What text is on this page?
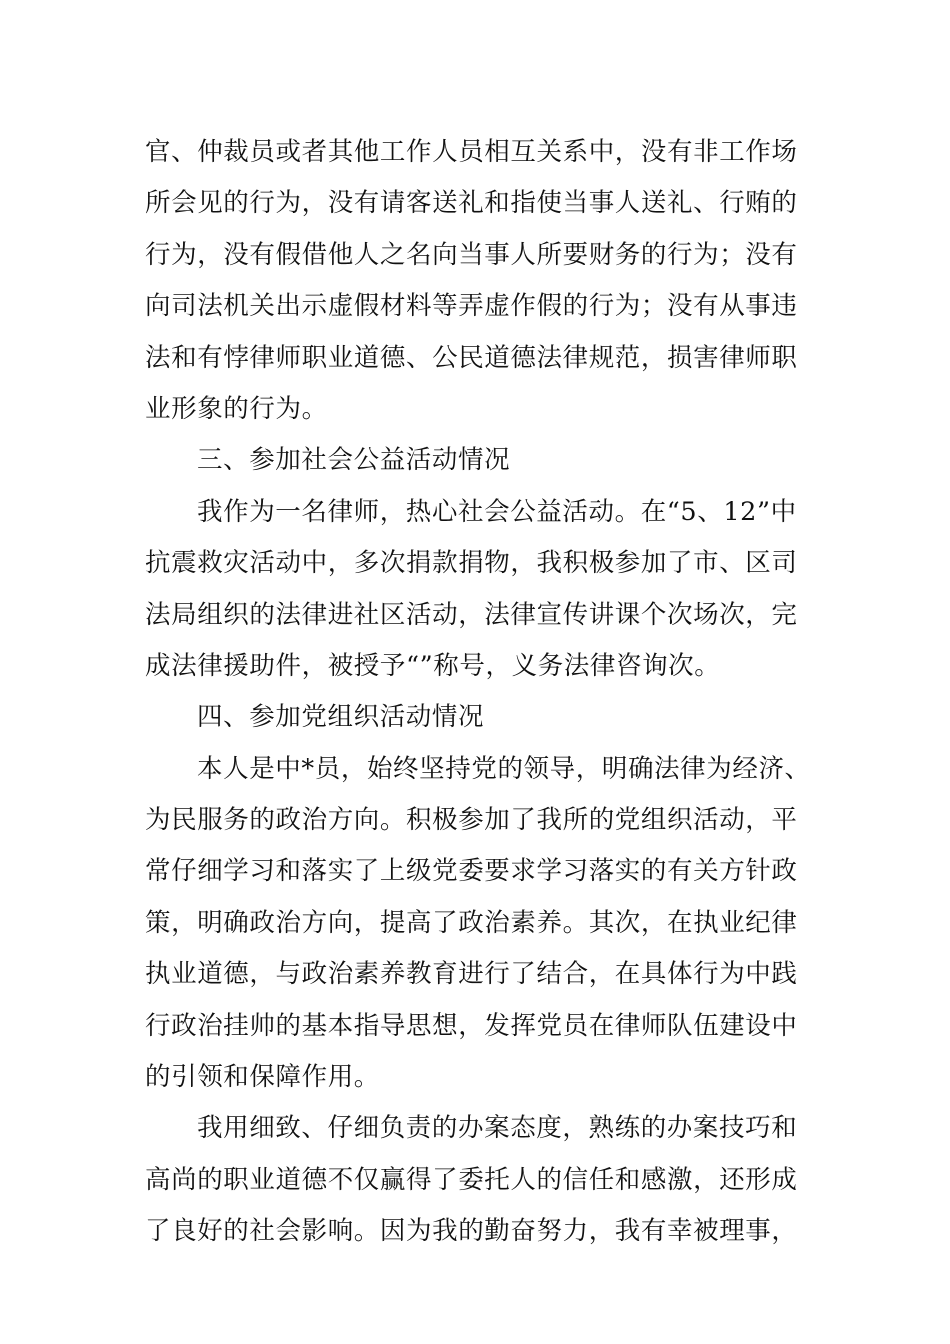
官、仲裁员或者其他工作人员相互关系中，没有非工作场
所会见的行为，没有请客送礼和指使当事人送礼、行贿的
行为，没有假借他人之名向当事人所要财务的行为；没有
向司法机关出示虚假材料等弄虚作假的行为；没有从事违
法和有悖律师职业道德、公民道德法律规范，损害律师职
业形象的行为。
三、参加社会公益活动情况
我作为一名律师，热心社会公益活动。在“5、12”中
抗震救灾活动中，多次捐款捐物，我积极参加了市、区司
法局组织的法律进社区活动，法律宣传讲课个次场次，完
成法律援助件，被授予“”称号，义务法律咨询次。
四、参加党组织活动情况
本人是中*员，始终坚持党的领导，明确法律为经济、
为民服务的政治方向。积极参加了我所的党组织活动，平
常仔细学习和落实了上级党委要求学习落实的有关方针政
策，明确政治方向，提高了政治素养。其次，在执业纪律
执业道德，与政治素养教育进行了结合，在具体行为中践
行政治挂帅的基本指导思想，发挥党员在律师队伍建设中
的引领和保障作用。
我用细致、仔细负责的办案态度，熟练的办案技巧和
高尚的职业道德不仅赢得了委托人的信任和感激，还形成
了良好的社会影响。因为我的勤奋努力，我有幸被理事，
